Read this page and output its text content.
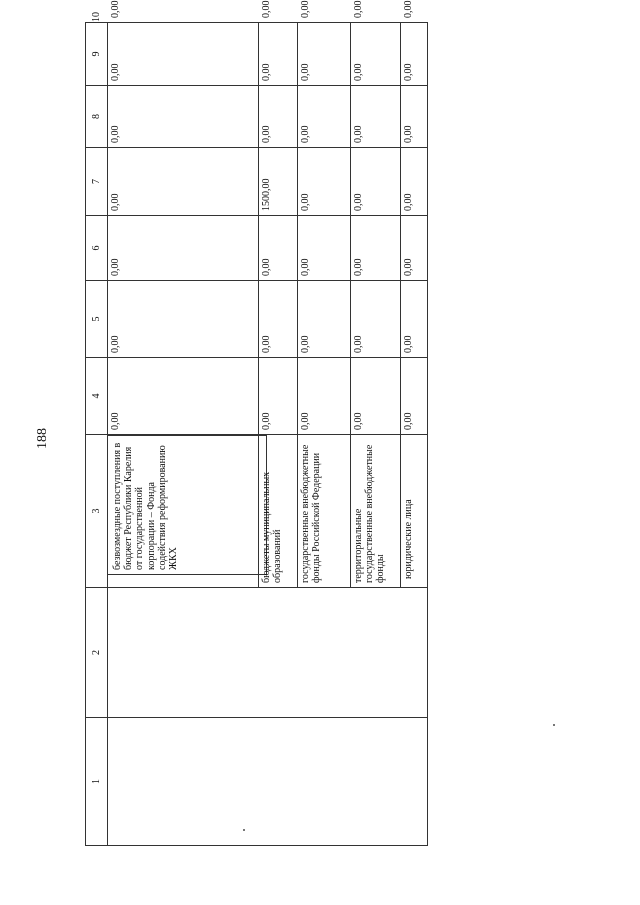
188
1	2	3	4	5	6	7	8	9	10

		безвозмездные поступления в бюджет Республики Карелия от государственной корпорации – Фонда содействия реформированию ЖКХ	0,00	0,00	0,00	0,00	0,00	0,00	0,00
		бюджеты муниципальных образований	0,00	0,00	0,00	1500,00	0,00	0,00	0,00
		государственные внебюджетные фонды Российской Федерации	0,00	0,00	0,00	0,00	0,00	0,00	0,00
		территориальные государственные внебюджетные фонды	0,00	0,00	0,00	0,00	0,00	0,00	0,00
		юридические лица	0,00	0,00	0,00	0,00	0,00	0,00	0,00
